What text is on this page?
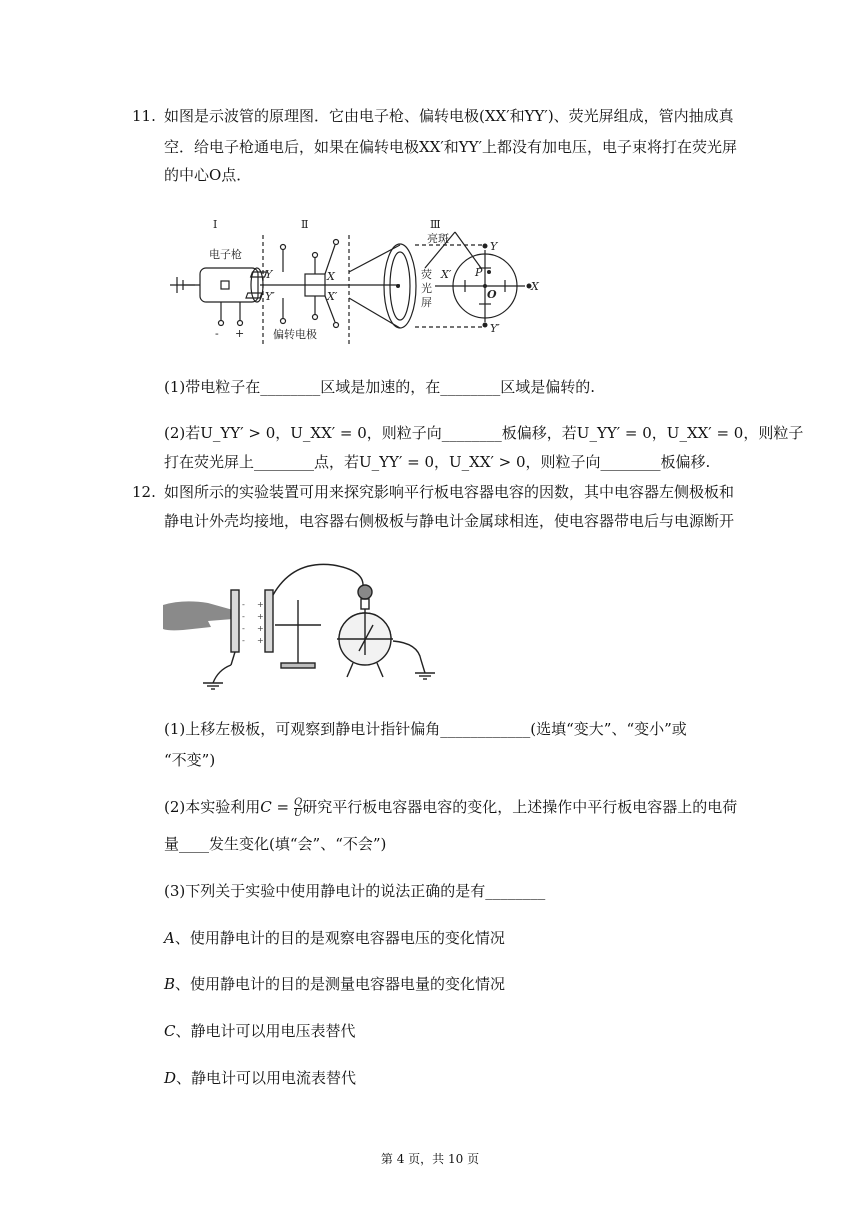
11. 如图是示波管的原理图．它由电子枪、偏转电极(XX′和YY′)、荧光屏组成，管内抽成真
空．给电子枪通电后，如果在偏转电极XX′和YY′上都没有加电压，电子束将打在荧光屏
的中心O点．
Ⅰ	Ⅱ	Ⅲ
电子枪
偏转电极
亮斑
荧
光
屏
Y
Y′
X
X′ P
O
Y
Y′
X
X′
- +
(1)带电粒子在________区域是加速的，在________区域是偏转的.
(2)若U_YY′ > 0，U_XX′ = 0，则粒子向________板偏移，若U_YY′ = 0，U_XX′ = 0，则粒子
打在荧光屏上________点，若U_YY′ = 0，U_XX′ > 0，则粒子向________板偏移.
12. 如图所示的实验装置可用来探究影响平行板电容器电容的因数，其中电容器左侧极板和
静电计外壳均接地，电容器右侧极板与静电计金属球相连，使电容器带电后与电源断开
-
-
-
-
+
+
+
+
(1)上移左极板，可观察到静电计指针偏角____________(选填“变大”、“变小”或
“不变”)
(2)本实验利用$C = \frac{Q}{U}$ 研究平行板电容器电容的变化，上述操作中平行板电容器上的电荷
量____发生变化(填“会”、“不会”)
(3)下列关于实验中使用静电计的说法正确的是有________
A、使用静电计的目的是观察电容器电压的变化情况
B、使用静电计的目的是测量电容器电量的变化情况
C、静电计可以用电压表替代
D、静电计可以用电流表替代
第 4 页，共 10 页
